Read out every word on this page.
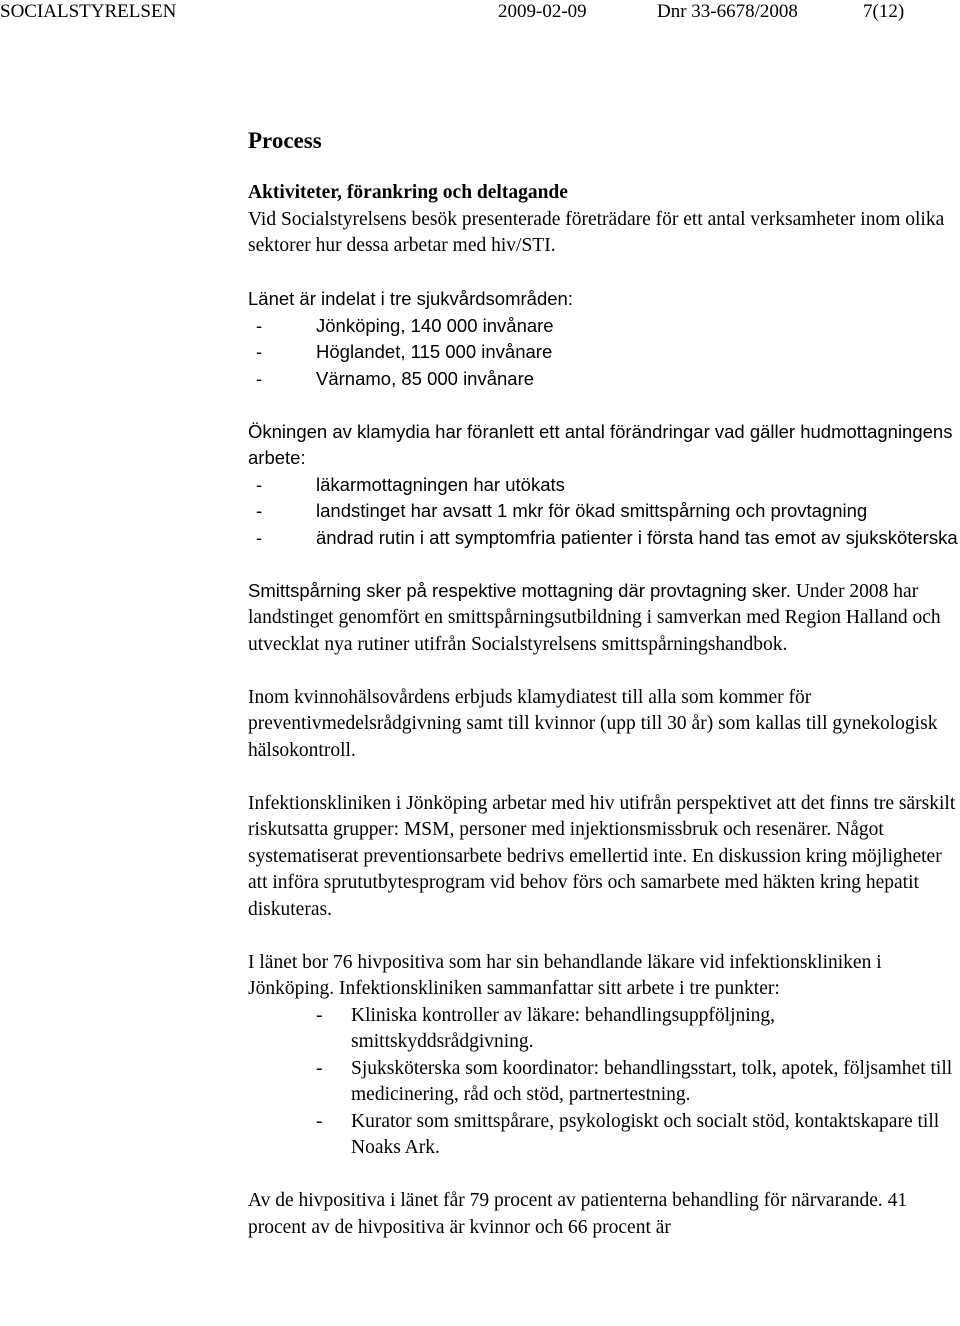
SOCIALSTYRELSEN	2009-02-09	Dnr 33-6678/2008	7(12)
Process

Aktiviteter, förankring och deltagande

Vid Socialstyrelsens besök presenterade företrädare för ett antal verksamheter inom olika sektorer hur dessa arbetar med hiv/STI.

Länet är indelat i tre sjukvårdsområden:

- Jönköping, 140 000 invånare
- Höglandet, 115 000 invånare
- Värnamo, 85 000 invånare

Ökningen av klamydia har föranlett ett antal förändringar vad gäller hudmottagningens arbete:

- läkarmottagningen har utökats
- landstinget har avsatt 1 mkr för ökad smittspårning och provtagning
- ändrad rutin i att symptomfria patienter i första hand tas emot av sjuksköterska

Smittspårning sker på respektive mottagning där provtagning sker. Under 2008 har landstinget genomfört en smittspårningsutbildning i samverkan med Region Halland och utvecklat nya rutiner utifrån Socialstyrelsens smittspårningshandbok.

Inom kvinnohälsovårdens erbjuds klamydiatest till alla som kommer för preventivmedelsrådgivning samt till kvinnor (upp till 30 år) som kallas till gynekologisk hälsokontroll.

Infektionskliniken i Jönköping arbetar med hiv utifrån perspektivet att det finns tre särskilt riskutsatta grupper: MSM, personer med injektionsmissbruk och resenärer. Något systematiserat preventionsarbete bedrivs emellertid inte. En diskussion kring möjligheter att införa sprututbytesprogram vid behov förs och samarbete med häkten kring hepatit diskuteras.

I länet bor 76 hivpositiva som har sin behandlande läkare vid infektionskliniken i Jönköping. Infektionskliniken sammanfattar sitt arbete i tre punkter:

- Kliniska kontroller av läkare: behandlingsuppföljning, smittskyddsrådgivning.
- Sjuksköterska som koordinator: behandlingsstart, tolk, apotek, följsamhet till medicinering, råd och stöd, partnertestning.
- Kurator som smittspårare, psykologiskt och socialt stöd, kontaktskapare till Noaks Ark.

Av de hivpositiva i länet får 79 procent av patienterna behandling för närvarande. 41 procent av de hivpositiva är kvinnor och 66 procent är
